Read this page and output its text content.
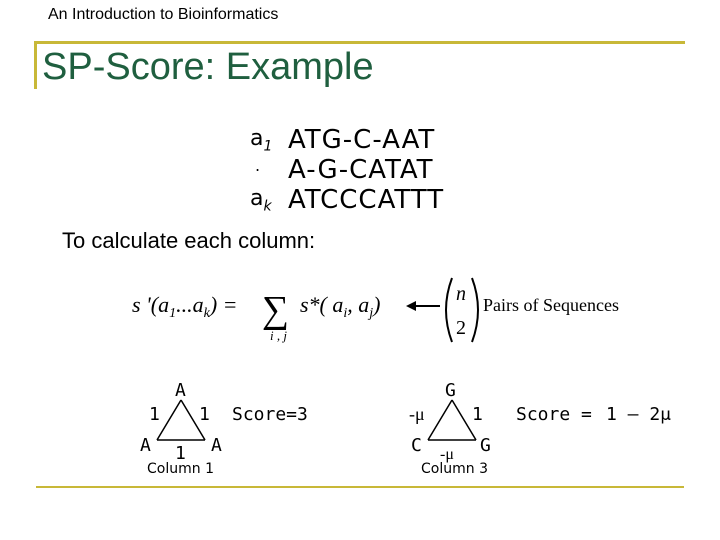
An Introduction to Bioinformatics
SP-Score: Example
$a_1$
.
$a_k$
ATG-C-AAT
A-G-CATAT
ATCCCATTT
To calculate each column:
s '$(a_1...a_k)$ = ∑
i , j
s*( $a_i$, $a_j$)	n
2
Pairs of Sequences
A
1 1
A 1 A
Score=3
Column 1
G
-μ	1
C -μ G
Score = 1 – 2μ
Column 3
